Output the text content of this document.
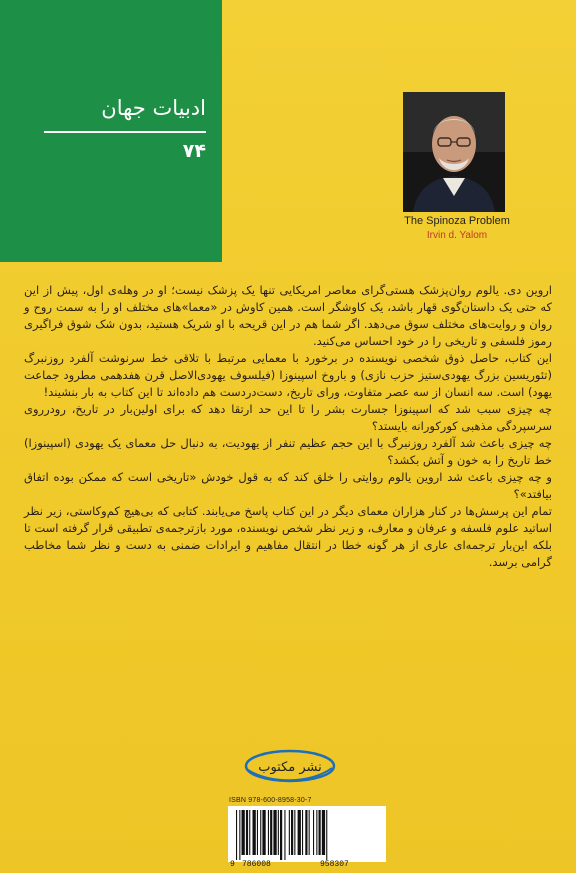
ادبیات جهان
۷۴
The Spinoza Problem
Irvin d. Yalom

اروین دی. یالوم روان‌پزشک هستی‌گرای معاصر امریکایی تنها یک پزشک نیست؛ او در وهله‌ی اول، پیش از این که حتی یک داستان‌گوی قهار باشد، یک کاوشگر است. همین کاوش در «معما»های مختلف او را به سمت روح و روان و روایت‌های مختلف سوق می‌دهد. اگر شما هم در این قریحه با او شریک هستید، بدون شک شوق فراگیری رموز فلسفی و تاریخی را در خود احساس می‌کنید.

این کتاب، حاصل ذوق شخصی نویسنده در برخورد با معمایی مرتبط با تلاقی خط سرنوشت آلفرد روزنبرگ (تئوریسین بزرگ یهودی‌ستیز حزب نازی) و باروخ اسپینوزا (فیلسوف یهودی‌الاصل قرن هفدهمی مطرود جماعت یهود) است. سه انسان از سه عصر متفاوت، ورای تاریخ، دست‌در‌دست هم داده‌اند تا این کتاب به بار بنشیند!

چه چیزی سبب شد که اسپینوزا جسارت بشر را تا این حد ارتقا دهد که برای اولین‌بار در تاریخ، رودررو‌ی سرسپردگی مذهبی کورکورانه بایستد؟

چه چیزی باعث شد آلفرد روزنبرگ با این حجم عظیم تنفر از یهودیت، به دنبال حل معمای یک یهودی (اسپینوزا) خط تاریخ را به خون و آتش بکشد؟

و چه چیزی باعث شد اروین یالوم روایتی را خلق کند که به قول خودش «تاریخی است که ممکن بوده اتفاق بیافتد»؟

تمام این پرسش‌ها در کنار هزاران معمای دیگر در این کتاب پاسخ می‌یابند. کتابی که بی‌هیچ کم‌وکاستی، زیر نظر اساتید علوم فلسفه و عرفان و معارف، و زیر نظر شخص نویسنده، مورد بازترجمه‌ی تطبیقی قرار گرفته است تا بلکه این‌بار ترجمه‌ای عاری از هر گونه خطا در انتقال مفاهیم و ایرادات ضمنی به دست و نظر شما مخاطب گرامی برسد.

نشر مکتوب
ISBN 978-600-8958-30-7
9 786008	958307
